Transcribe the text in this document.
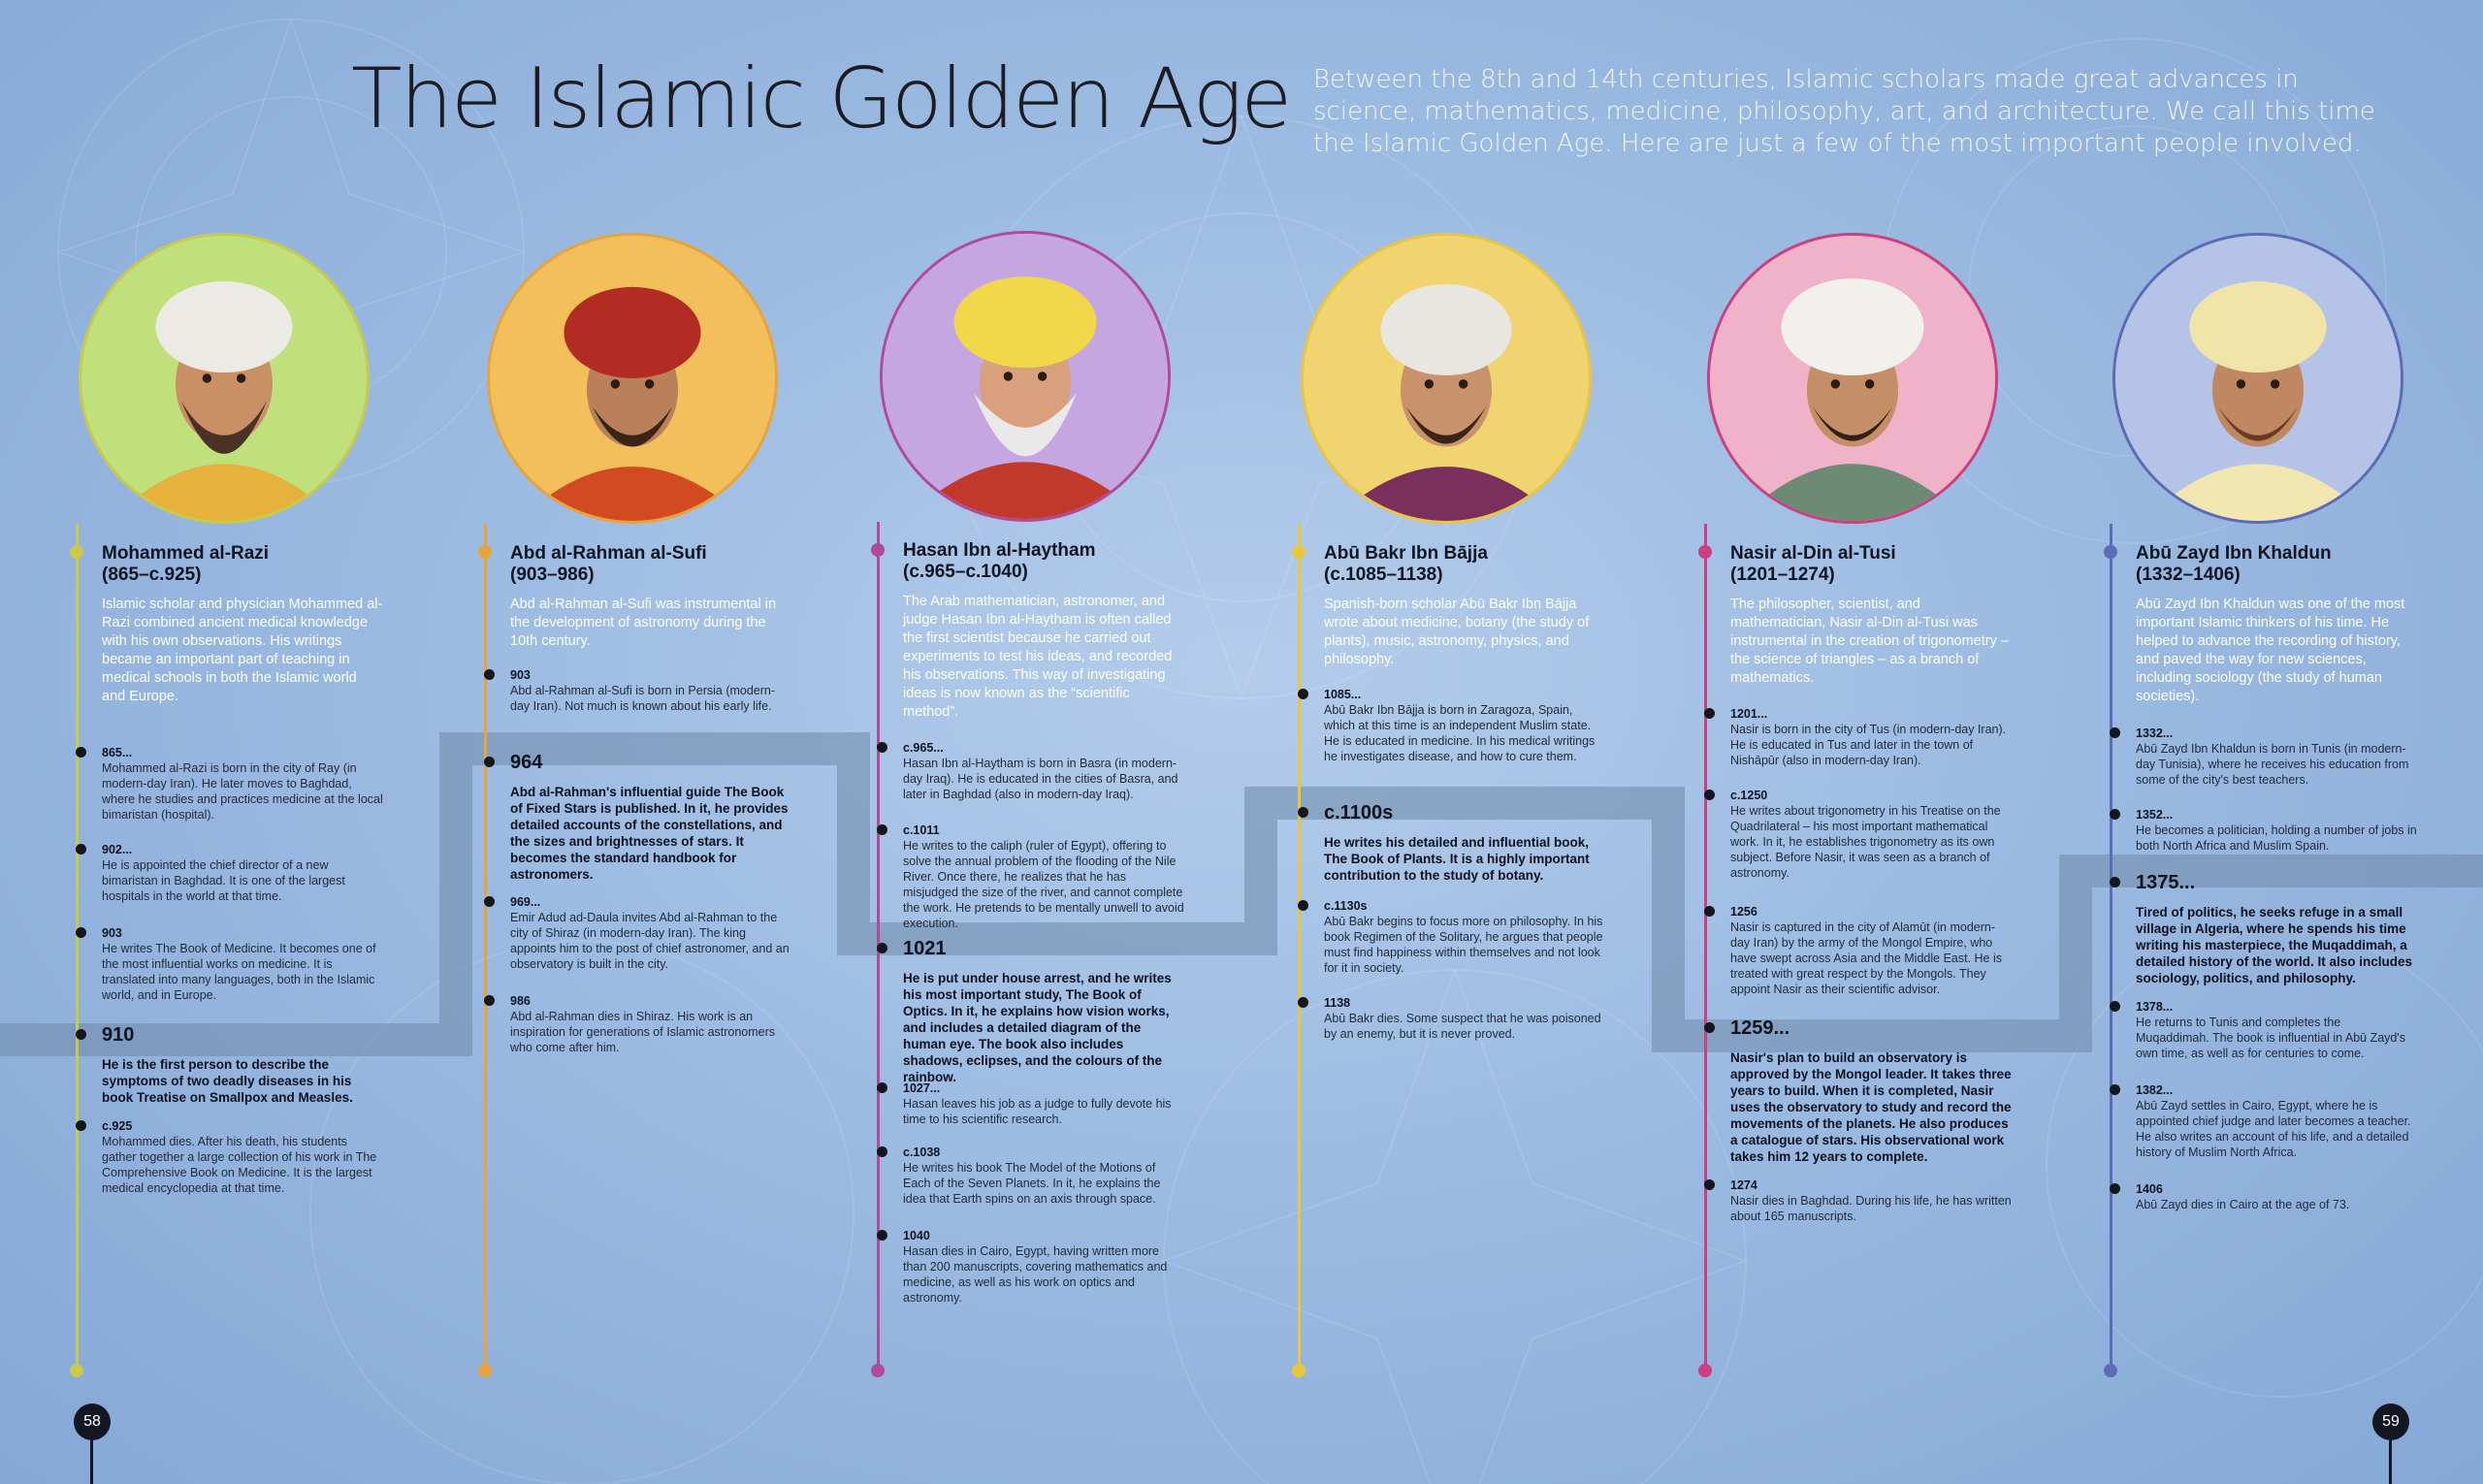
The Islamic Golden Age Between the 8th and 14th centuries, Islamic scholars made great advances in science, mathematics, medicine, philosophy, art, and architecture. We call this time the Islamic Golden Age. Here are just a few of the most important people involved.

Mohammed al-Razi

(865–c.925)

Islamic scholar and physician Mohammed al-Razi combined ancient medical knowledge with his own observations. His writings became an important part of teaching in medical schools in both the Islamic world and Europe.

865...
Mohammed al-Razi is born in the city of Ray (in modern-day Iran). He later moves to Baghdad, where he studies and practices medicine at the local bimaristan (hospital).
902...
He is appointed the chief director of a new bimaristan in Baghdad. It is one of the largest hospitals in the world at that time.
903
He writes The Book of Medicine. It becomes one of the most influential works on medicine. It is translated into many languages, both in the Islamic world, and in Europe.
910
He is the first person to describe the symptoms of two deadly diseases in his book Treatise on Smallpox and Measles.
c.925
Mohammed dies. After his death, his students gather together a large collection of his work in The Comprehensive Book on Medicine. It is the largest medical encyclopedia at that time.

Abd al-Rahman al-Sufi

(903–986)

Abd al-Rahman al-Sufi was instrumental in the development of astronomy during the 10th century.

903
Abd al-Rahman al-Sufi is born in Persia (modern-day Iran). Not much is known about his early life.
964
Abd al-Rahman's influential guide The Book of Fixed Stars is published. In it, he provides detailed accounts of the constellations, and the sizes and brightnesses of stars. It becomes the standard handbook for astronomers.
969...
Emir Adud ad-Daula invites Abd al-Rahman to the city of Shiraz (in modern-day Iran). The king appoints him to the post of chief astronomer, and an observatory is built in the city.
986
Abd al-Rahman dies in Shiraz. His work is an inspiration for generations of Islamic astronomers who come after him.

Hasan Ibn al-Haytham

(c.965–c.1040)

The Arab mathematician, astronomer, and judge Hasan Ibn al-Haytham is often called the first scientist because he carried out experiments to test his ideas, and recorded his observations. This way of investigating ideas is now known as the “scientific method”.

c.965...
Hasan Ibn al-Haytham is born in Basra (in modern-day Iraq). He is educated in the cities of Basra, and later in Baghdad (also in modern-day Iraq).
c.1011
He writes to the caliph (ruler of Egypt), offering to solve the annual problem of the flooding of the Nile River. Once there, he realizes that he has misjudged the size of the river, and cannot complete the work. He pretends to be mentally unwell to avoid execution.
1021
He is put under house arrest, and he writes his most important study, The Book of Optics. In it, he explains how vision works, and includes a detailed diagram of the human eye. The book also includes shadows, eclipses, and the colours of the rainbow.
1027...
Hasan leaves his job as a judge to fully devote his time to his scientific research.
c.1038
He writes his book The Model of the Motions of Each of the Seven Planets. In it, he explains the idea that Earth spins on an axis through space.
1040
Hasan dies in Cairo, Egypt, having written more than 200 manuscripts, covering mathematics and medicine, as well as his work on optics and astronomy.

Abū Bakr Ibn Bājja

(c.1085–1138)

Spanish-born scholar Abū Bakr Ibn Bājja wrote about medicine, botany (the study of plants), music, astronomy, physics, and philosophy.

1085...
Abū Bakr Ibn Bājja is born in Zaragoza, Spain, which at this time is an independent Muslim state. He is educated in medicine. In his medical writings he investigates disease, and how to cure them.
c.1100s
He writes his detailed and influential book, The Book of Plants. It is a highly important contribution to the study of botany.
c.1130s
Abū Bakr begins to focus more on philosophy. In his book Regimen of the Solitary, he argues that people must find happiness within themselves and not look for it in society.
1138
Abū Bakr dies. Some suspect that he was poisoned by an enemy, but it is never proved.

Nasir al-Din al-Tusi

(1201–1274)

The philosopher, scientist, and mathematician, Nasir al-Din al-Tusi was instrumental in the creation of trigonometry – the science of triangles – as a branch of mathematics.

1201...
Nasir is born in the city of Tus (in modern-day Iran). He is educated in Tus and later in the town of Nishāpūr (also in modern-day Iran).
c.1250
He writes about trigonometry in his Treatise on the Quadrilateral – his most important mathematical work. In it, he establishes trigonometry as its own subject. Before Nasir, it was seen as a branch of astronomy.
1256
Nasir is captured in the city of Alamūt (in modern-day Iran) by the army of the Mongol Empire, who have swept across Asia and the Middle East. He is treated with great respect by the Mongols. They appoint Nasir as their scientific advisor.
1259...
Nasir's plan to build an observatory is approved by the Mongol leader. It takes three years to build. When it is completed, Nasir uses the observatory to study and record the movements of the planets. He also produces a catalogue of stars. His observational work takes him 12 years to complete.
1274
Nasir dies in Baghdad. During his life, he has written about 165 manuscripts.

Abū Zayd Ibn Khaldun

(1332–1406)

Abū Zayd Ibn Khaldun was one of the most important Islamic thinkers of his time. He helped to advance the recording of history, and paved the way for new sciences, including sociology (the study of human societies).

1332...
Abū Zayd Ibn Khaldun is born in Tunis (in modern-day Tunisia), where he receives his education from some of the city's best teachers.
1352...
He becomes a politician, holding a number of jobs in both North Africa and Muslim Spain.
1375...
Tired of politics, he seeks refuge in a small village in Algeria, where he spends his time writing his masterpiece, the Muqaddimah, a detailed history of the world. It also includes sociology, politics, and philosophy.
1378...
He returns to Tunis and completes the Muqaddimah. The book is influential in Abū Zayd's own time, as well as for centuries to come.
1382...
Abū Zayd settles in Cairo, Egypt, where he is appointed chief judge and later becomes a teacher. He also writes an account of his life, and a detailed history of Muslim North Africa.
1406
Abū Zayd dies in Cairo at the age of 73.
58	59
